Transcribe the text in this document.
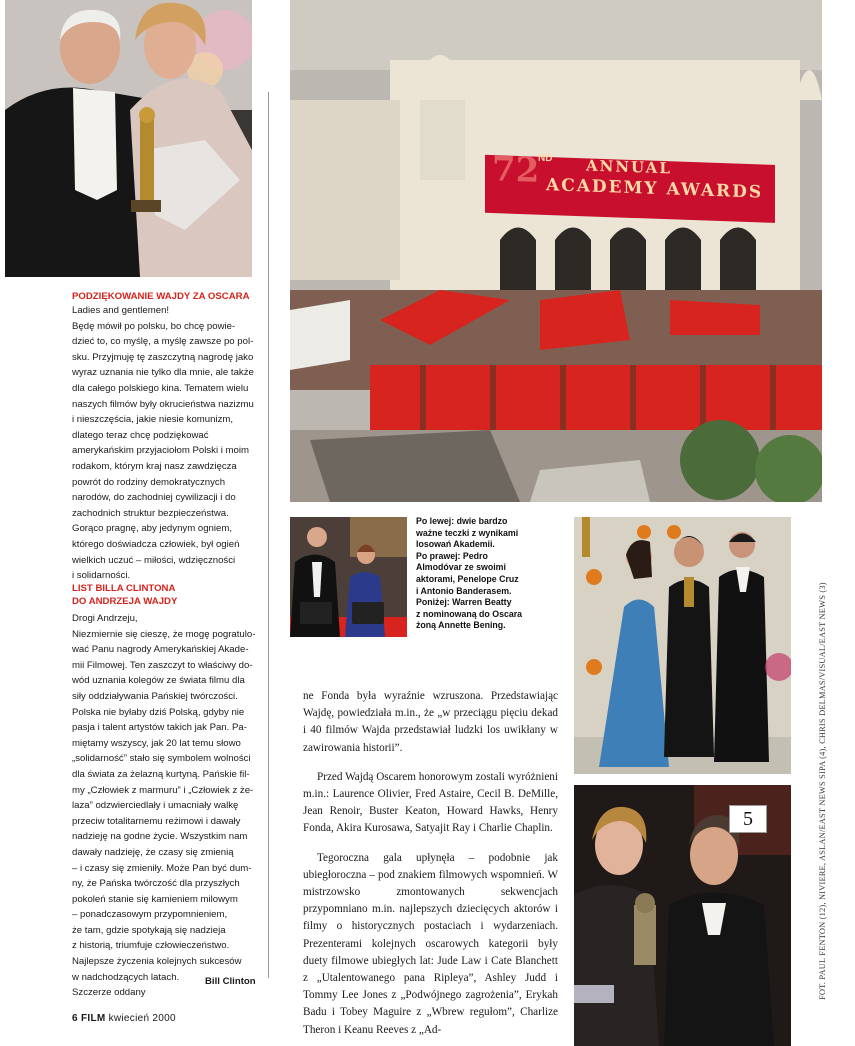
72
ND ANNUAL
ACADEMY AWARDS

PODZIĘKOWANIE WAJDY ZA OSCARA

Ladies and gentlemen!
Będę mówił po polsku, bo chcę powie-
dzieć to, co myślę, a myślę zawsze po pol-
sku. Przyjmuję tę zaszczytną nagrodę jako
wyraz uznania nie tylko dla mnie, ale także
dla całego polskiego kina. Tematem wielu
naszych filmów były okrucieństwa nazizmu
i nieszczęścia, jakie niesie komunizm,
dlatego teraz chcę podziękować
amerykańskim przyjaciołom Polski i moim
rodakom, którym kraj nasz zawdzięcza
powrót do rodziny demokratycznych
narodów, do zachodniej cywilizacji i do
zachodnich struktur bezpieczeństwa.
Gorąco pragnę, aby jedynym ogniem,
którego doświadcza człowiek, był ogień
wielkich uczuć – miłości, wdzięczności
i solidarności.

LIST BILLA CLINTONA

DO ANDRZEJA WAJDY

Drogi Andrzeju,
Niezmiernie się cieszę, że mogę pogratulo-
wać Panu nagrody Amerykańskiej Akade-
mii Filmowej. Ten zaszczyt to właściwy do-
wód uznania kolegów ze świata filmu dla
siły oddziaływania Pańskiej twórczości.
Polska nie byłaby dziś Polską, gdyby nie
pasja i talent artystów takich jak Pan. Pa-
miętamy wszyscy, jak 20 lat temu słowo
„solidarność” stało się symbolem wolności
dla świata za żelazną kurtyną. Pańskie fil-
my „Człowiek z marmuru” i „Człowiek z że-
laza” odzwierciedlały i umacniały walkę
przeciw totalitarnemu reżimowi i dawały
nadzieję na godne życie. Wszystkim nam
dawały nadzieję, że czasy się zmienią
– i czasy się zmieniły. Może Pan być dum-
ny, że Pańska twórczość dla przyszłych
pokoleń stanie się kamieniem milowym
– ponadczasowym przypomnieniem,
że tam, gdzie spotykają się nadzieja
z historią, triumfuje człowieczeństwo.
Najlepsze życzenia kolejnych sukcesów
w nadchodzących latach.
Szczerze oddany
Bill Clinton
Po lewej: dwie bardzo
ważne teczki z wynikami
losowań Akademii.
Po prawej: Pedro
Almodóvar ze swoimi
aktorami, Penelope Cruz
i Antonio Banderasem.
Poniżej: Warren Beatty
z nominowaną do Oscara
żoną Annette Bening.
5

ne Fonda była wyraźnie wzruszona. Przedstawiając Wajdę, powiedziała m.in., że „w przeciągu pięciu dekad i 40 filmów Wajda przedstawiał ludzki los uwikłany w zawirowania historii”.

Przed Wajdą Oscarem honorowym zostali wyróżnieni m.in.: Laurence Olivier, Fred Astaire, Cecil B. DeMille, Jean Renoir, Buster Keaton, Howard Hawks, Henry Fonda, Akira Kurosawa, Satyajit Ray i Charlie Chaplin.

Tegoroczna gala upłynęła – podobnie jak ubiegłoroczna – pod znakiem filmowych wspomnień. W mistrzowsko zmontowanych sekwencjach przypomniano m.in. najlepszych dziecięcych aktorów i filmy o historycznych postaciach i wydarzeniach. Prezenterami kolejnych oscarowych kategorii były duety filmowe ubiegłych lat: Jude Law i Cate Blanchett z „Utalentowanego pana Ripleya”, Ashley Judd i Tommy Lee Jones z „Podwójnego zagrożenia”, Erykah Badu i Tobey Maguire z „Wbrew regułom”, Charlize Theron i Keanu Reeves z „Ad-

6 FILM kwiecień 2000
FOT. PAUL FENTON (12), NIVIERE, ASLAN/EAST NEWS SIPA (4), CHRIS DELMAS/VISUAL/EAST NEWS (3)
